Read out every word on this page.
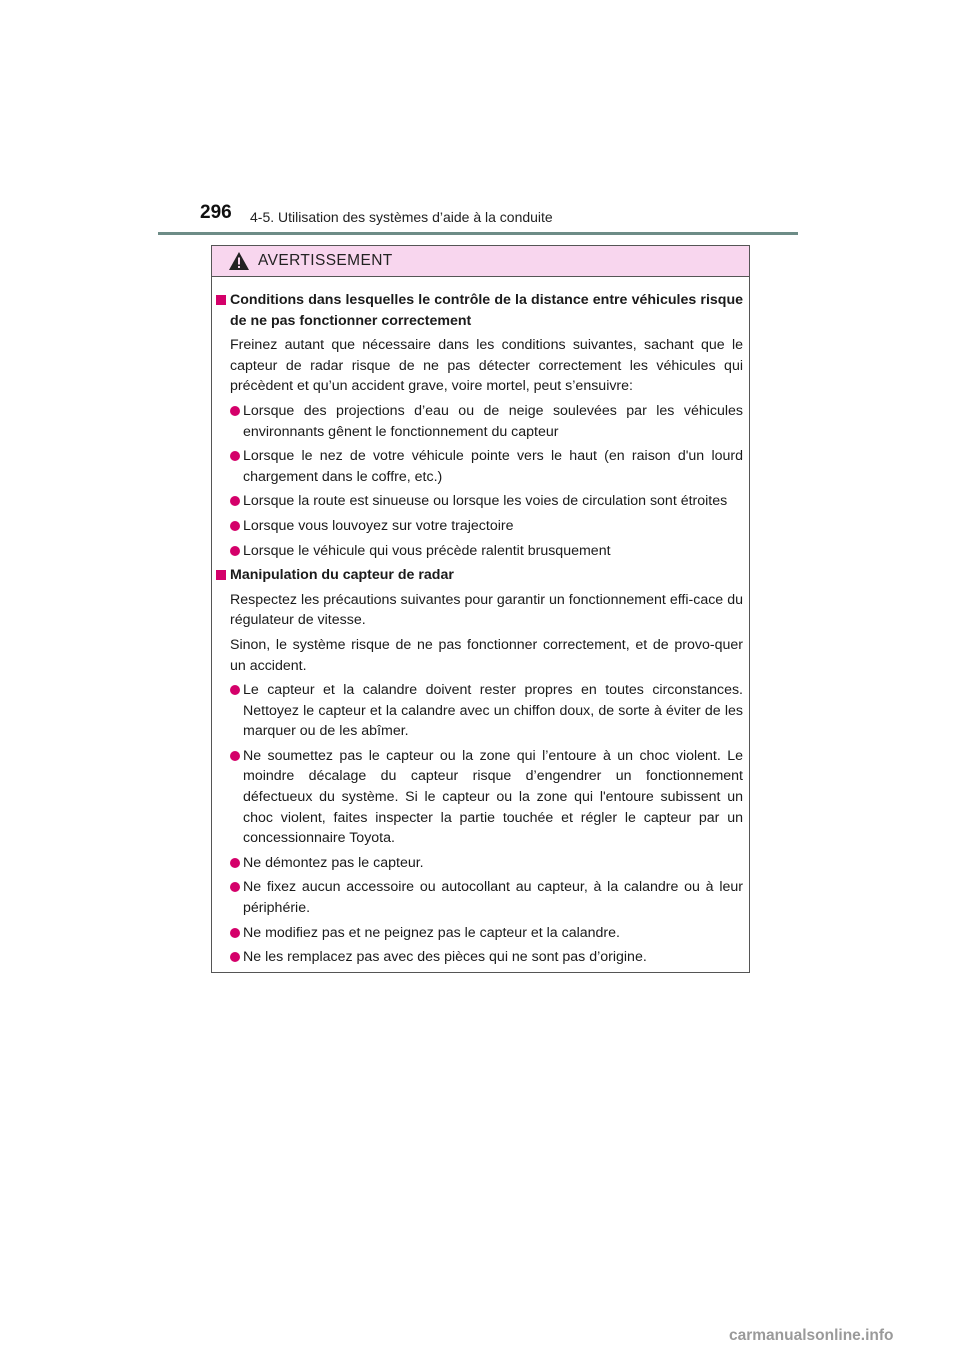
296 4-5. Utilisation des systèmes d’aide à la conduite
AVERTISSEMENT
Conditions dans lesquelles le contrôle de la distance entre véhicules risque de ne pas fonctionner correctement
Freinez autant que nécessaire dans les conditions suivantes, sachant que le capteur de radar risque de ne pas détecter correctement les véhicules qui précèdent et qu’un accident grave, voire mortel, peut s’ensuivre:
Lorsque des projections d’eau ou de neige soulevées par les véhicules environnants gênent le fonctionnement du capteur
Lorsque le nez de votre véhicule pointe vers le haut (en raison d'un lourd chargement dans le coffre, etc.)
Lorsque la route est sinueuse ou lorsque les voies de circulation sont étroites
Lorsque vous louvoyez sur votre trajectoire
Lorsque le véhicule qui vous précède ralentit brusquement
Manipulation du capteur de radar
Respectez les précautions suivantes pour garantir un fonctionnement effi-cace du régulateur de vitesse.
Sinon, le système risque de ne pas fonctionner correctement, et de provo-quer un accident.
Le capteur et la calandre doivent rester propres en toutes circonstances. Nettoyez le capteur et la calandre avec un chiffon doux, de sorte à éviter de les marquer ou de les abîmer.
Ne soumettez pas le capteur ou la zone qui l’entoure à un choc violent. Le moindre décalage du capteur risque d’engendrer un fonctionnement défectueux du système. Si le capteur ou la zone qui l'entoure subissent un choc violent, faites inspecter la partie touchée et régler le capteur par un concessionnaire Toyota.
Ne démontez pas le capteur.
Ne fixez aucun accessoire ou autocollant au capteur, à la calandre ou à leur périphérie.
Ne modifiez pas et ne peignez pas le capteur et la calandre.
Ne les remplacez pas avec des pièces qui ne sont pas d’origine.
carmanualsonline.info
